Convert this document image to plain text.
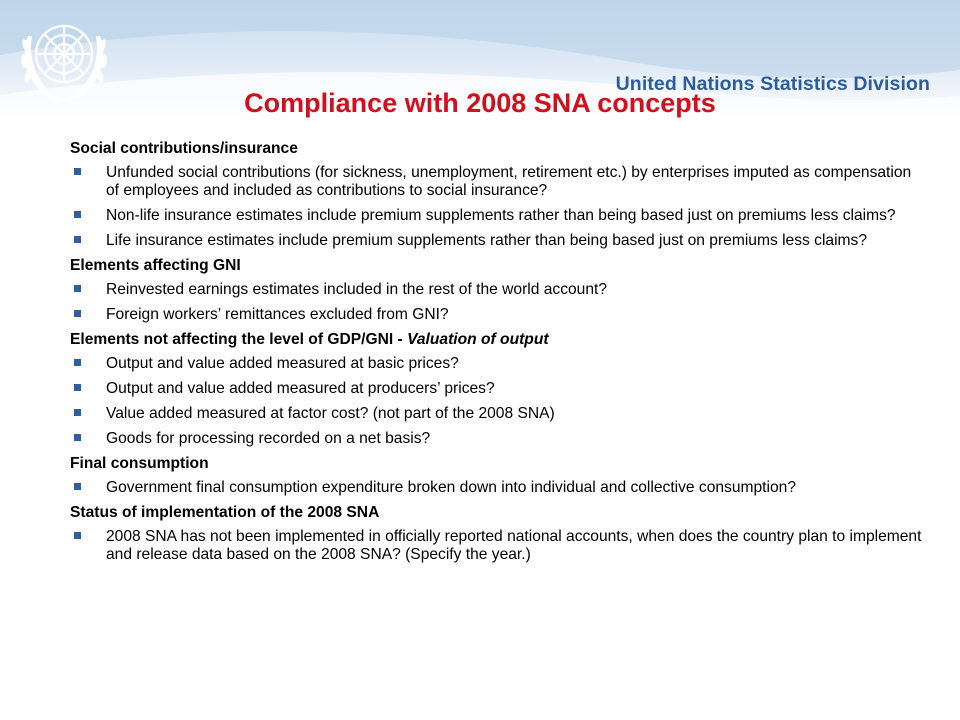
United Nations Statistics Division
Compliance with 2008 SNA concepts
Social contributions/insurance
Unfunded social contributions (for sickness, unemployment, retirement etc.) by enterprises imputed as compensation of employees and included as contributions to social insurance?
Non-life insurance estimates include premium supplements rather than being based just on premiums less claims?
Life insurance estimates include premium supplements rather than being based just on premiums less claims?
Elements affecting GNI
Reinvested earnings estimates included in the rest of the world account?
Foreign workers’ remittances excluded from GNI?
Elements not affecting the level of GDP/GNI - Valuation of output
Output and value added measured at basic prices?
Output and value added measured at producers’ prices?
Value added measured at factor cost? (not part of the 2008 SNA)
Goods for processing recorded on a net basis?
Final consumption
Government final consumption expenditure broken down into individual and collective consumption?
Status of implementation of the 2008 SNA
2008 SNA has not been implemented in officially reported national accounts, when does the country plan to implement and release data based on the 2008 SNA? (Specify the year.)
